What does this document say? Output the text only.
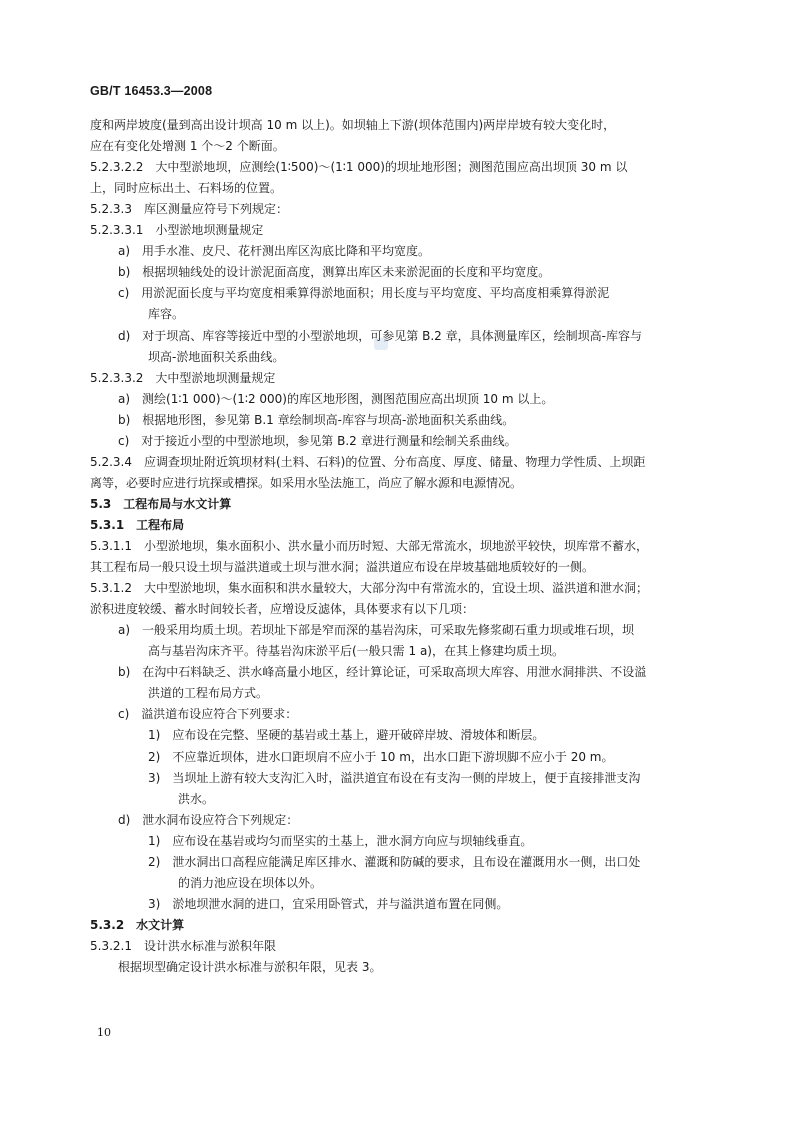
GB/T 16453.3—2008
度和两岸坡度(量到高出设计坝高 10 m 以上)。如坝轴上下游(坝体范围内)两岸岸坡有较大变化时，
应在有变化处增测 1 个～2 个断面。
5.2.3.2.2　大中型淤地坝，应测绘(1∶500)～(1∶1 000)的坝址地形图；测图范围应高出坝顶 30 m 以
上，同时应标出土、石料场的位置。
5.2.3.3　库区测量应符号下列规定：
5.2.3.3.1　小型淤地坝测量规定
a)　用手水准、皮尺、花杆测出库区沟底比降和平均宽度。
b)　根据坝轴线处的设计淤泥面高度，测算出库区未来淤泥面的长度和平均宽度。
c)　用淤泥面长度与平均宽度相乘算得淤地面积；用长度与平均宽度、平均高度相乘算得淤泥
库容。
d)　对于坝高、库容等接近中型的小型淤地坝，可参见第 B.2 章，具体测量库区，绘制坝高-库容与
坝高-淤地面积关系曲线。
5.2.3.3.2　大中型淤地坝测量规定
a)　测绘(1∶1 000)～(1∶2 000)的库区地形图，测图范围应高出坝顶 10 m 以上。
b)　根据地形图，参见第 B.1 章绘制坝高-库容与坝高-淤地面积关系曲线。
c)　对于接近小型的中型淤地坝，参见第 B.2 章进行测量和绘制关系曲线。
5.2.3.4　应调查坝址附近筑坝材料(土料、石料)的位置、分布高度、厚度、储量、物理力学性质、上坝距
离等，必要时应进行坑探或槽探。如采用水坠法施工，尚应了解水源和电源情况。
5.3　工程布局与水文计算
5.3.1　工程布局
5.3.1.1　小型淤地坝，集水面积小、洪水量小而历时短、大部无常流水，坝地淤平较快，坝库常不蓄水，
其工程布局一般只设土坝与溢洪道或土坝与泄水洞；溢洪道应布设在岸坡基础地质较好的一侧。
5.3.1.2　大中型淤地坝，集水面积和洪水量较大，大部分沟中有常流水的，宜设土坝、溢洪道和泄水洞；
淤积进度较缓、蓄水时间较长者，应增设反滤体，具体要求有以下几项：
a)　一般采用均质土坝。若坝址下部是窄而深的基岩沟床，可采取先修浆砌石重力坝或堆石坝，坝
高与基岩沟床齐平。待基岩沟床淤平后(一般只需 1 a)，在其上修建均质土坝。
b)　在沟中石料缺乏、洪水峰高量小地区，经计算论证，可采取高坝大库容、用泄水洞排洪、不设溢
洪道的工程布局方式。
c)　溢洪道布设应符合下列要求：
1)　应布设在完整、坚硬的基岩或土基上，避开破碎岸坡、滑坡体和断层。
2)　不应靠近坝体，进水口距坝肩不应小于 10 m，出水口距下游坝脚不应小于 20 m。
3)　当坝址上游有较大支沟汇入时，溢洪道宜布设在有支沟一侧的岸坡上，便于直接排泄支沟
洪水。
d)　泄水洞布设应符合下列规定：
1)　应布设在基岩或均匀而坚实的土基上，泄水洞方向应与坝轴线垂直。
2)　泄水洞出口高程应能满足库区排水、灌溉和防碱的要求，且布设在灌溉用水一侧，出口处
的消力池应设在坝体以外。
3)　淤地坝泄水洞的进口，宜采用卧管式，并与溢洪道布置在同侧。
5.3.2　水文计算
5.3.2.1　设计洪水标准与淤积年限
根据坝型确定设计洪水标准与淤积年限，见表 3。
10
